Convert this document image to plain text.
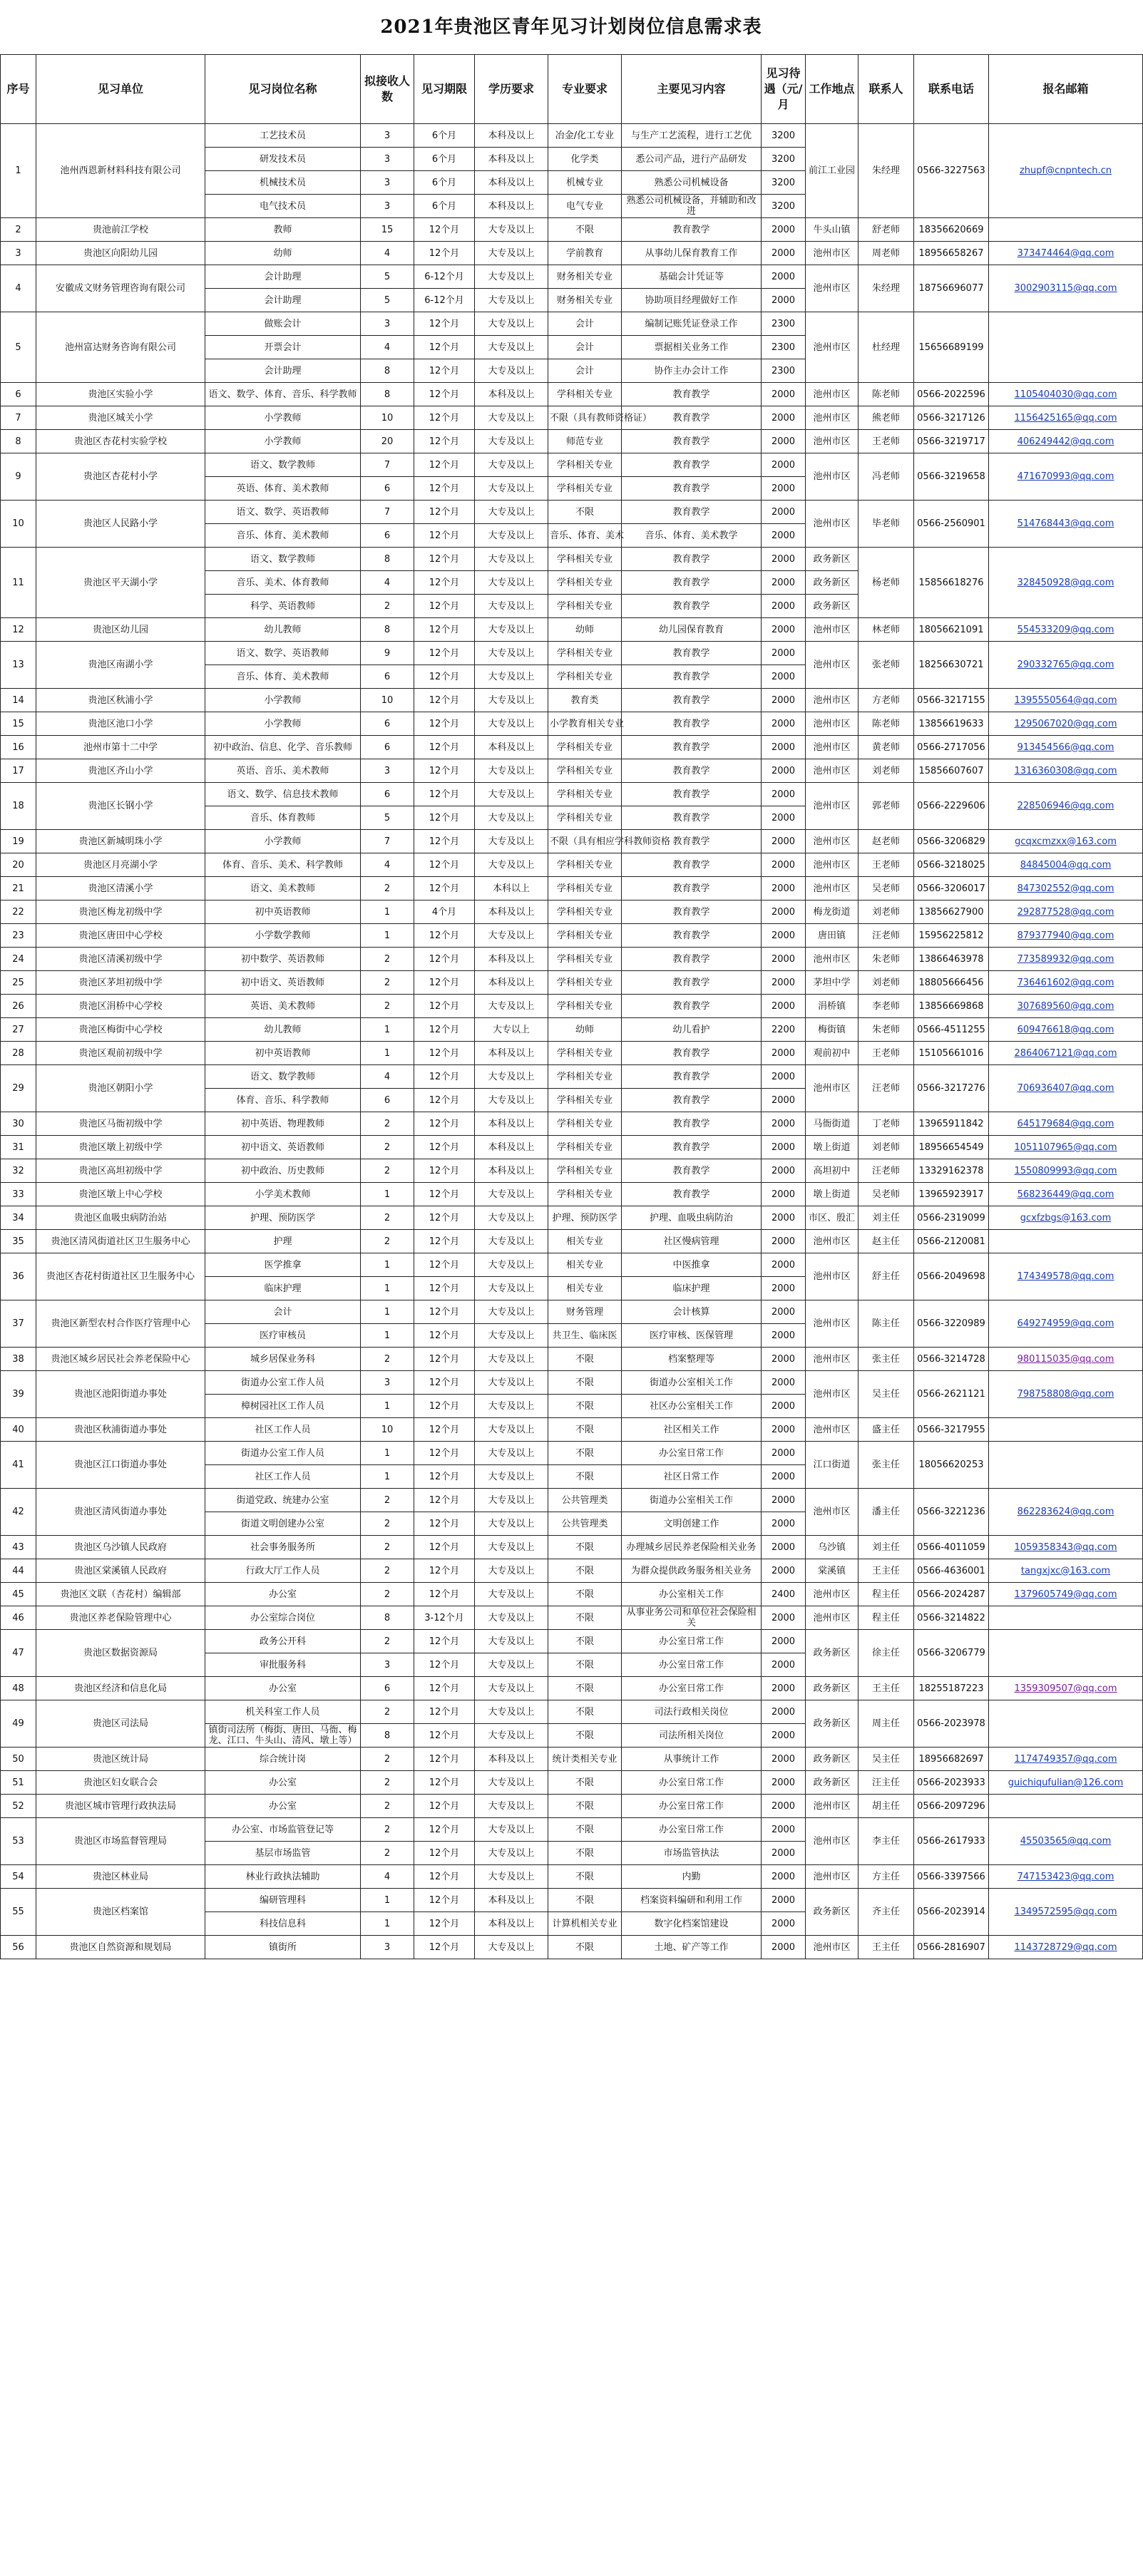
2021年贵池区青年见习计划岗位信息需求表
序号	见习单位	见习岗位名称	拟接收人数	见习期限	学历要求	专业要求	主要见习内容	见习待遇（元/月	工作地点	联系人	联系电话	报名邮箱
1	池州西恩新材料科技有限公司	工艺技术员	3	6个月	本科及以上	冶金/化工专业	与生产工艺流程，进行工艺优	3200	前江工业园	朱经理	0566-3227563	zhupf@cnpntech.cn
		研发技术员	3	6个月	本科及以上	化学类	悉公司产品，进行产品研发	3200				
		机械技术员	3	6个月	本科及以上	机械专业	熟悉公司机械设备	3200				
		电气技术员	3	6个月	本科及以上	电气专业	熟悉公司机械设备，并辅助和改进	3200				
2	贵池前江学校	教师	15	12个月	大专及以上	不限	教育教学	2000	牛头山镇	舒老师	18356620669	
3	贵池区向阳幼儿园	幼师	4	12个月	大专及以上	学前教育	从事幼儿保育教育工作	2000	池州市区	周老师	18956658267	373474464@qq.com
4	安徽成文财务管理咨询有限公司	会计助理	5	6-12个月	大专及以上	财务相关专业	基础会计凭证等	2000	池州市区	朱经理	18756696077	3002903115@qq.com
		会计助理	5	6-12个月	大专及以上	财务相关专业	协助项目经理做好工作	2000				
5	池州富达财务咨询有限公司	做账会计	3	12个月	大专及以上	会计	编制记账凭证登录工作	2300	池州市区	杜经理	15656689199	
		开票会计	4	12个月	大专及以上	会计	票据相关业务工作	2300				
		会计助理	8	12个月	大专及以上	会计	协作主办会计工作	2300				
6	贵池区实验小学	语文、数学、体育、音乐、科学教师	8	12个月	本科及以上	学科相关专业	教育教学	2000	池州市区	陈老师	0566-2022596	1105404030@qq.com
7	贵池区城关小学	小学教师	10	12个月	大专及以上	不限（具有教师资格证）	教育教学	2000	池州市区	熊老师	0566-3217126	1156425165@qq.com
8	贵池区杏花村实验学校	小学教师	20	12个月	大专及以上	师范专业	教育教学	2000	池州市区	王老师	0566-3219717	406249442@qq.com
9	贵池区杏花村小学	语文、数学教师	7	12个月	大专及以上	学科相关专业	教育教学	2000	池州市区	冯老师	0566-3219658	471670993@qq.com
		英语、体育、美术教师	6	12个月	大专及以上	学科相关专业	教育教学	2000				
10	贵池区人民路小学	语文、数学、英语教师	7	12个月	大专及以上	不限	教育教学	2000	池州市区	毕老师	0566-2560901	514768443@qq.com
		音乐、体育、美术教师	6	12个月	大专及以上	音乐、体育、美术	音乐、体育、美术教学	2000				
11	贵池区平天湖小学	语文、数学教师	8	12个月	大专及以上	学科相关专业	教育教学	2000	政务新区	杨老师	15856618276	328450928@qq.com
		音乐、美术、体育教师	4	12个月	大专及以上	学科相关专业	教育教学	2000	政务新区			
		科学、英语教师	2	12个月	大专及以上	学科相关专业	教育教学	2000	政务新区			
12	贵池区幼儿园	幼儿教师	8	12个月	大专及以上	幼师	幼儿园保育教育	2000	池州市区	林老师	18056621091	554533209@qq.com
13	贵池区南湖小学	语文、数学、英语教师	9	12个月	大专及以上	学科相关专业	教育教学	2000	池州市区	张老师	18256630721	290332765@qq.com
		音乐、体育、美术教师	6	12个月	大专及以上	学科相关专业	教育教学	2000				
14	贵池区秋浦小学	小学教师	10	12个月	大专及以上	教育类	教育教学	2000	池州市区	方老师	0566-3217155	1395550564@qq.com
15	贵池区池口小学	小学教师	6	12个月	大专及以上	小学教育相关专业	教育教学	2000	池州市区	陈老师	13856619633	1295067020@qq.com
16	池州市第十二中学	初中政治、信息、化学、音乐教师	6	12个月	本科及以上	学科相关专业	教育教学	2000	池州市区	黄老师	0566-2717056	913454566@qq.com
17	贵池区齐山小学	英语、音乐、美术教师	3	12个月	大专及以上	学科相关专业	教育教学	2000	池州市区	刘老师	15856607607	1316360308@qq.com
18	贵池区长钢小学	语文、数学、信息技术教师	6	12个月	大专及以上	学科相关专业	教育教学	2000	池州市区	郭老师	0566-2229606	228506946@qq.com
		音乐、体育教师	5	12个月	大专及以上	学科相关专业	教育教学	2000				
19	贵池区新城明珠小学	小学教师	7	12个月	大专及以上	不限（具有相应学科教师资格	教育教学	2000	池州市区	赵老师	0566-3206829	gcqxcmzxx@163.com
20	贵池区月亮湖小学	体育、音乐、美术、科学教师	4	12个月	大专及以上	学科相关专业	教育教学	2000	池州市区	王老师	0566-3218025	84845004@qq.com
21	贵池区清溪小学	语文、美术教师	2	12个月	本科以上	学科相关专业	教育教学	2000	池州市区	吴老师	0566-3206017	847302552@qq.com
22	贵池区梅龙初级中学	初中英语教师	1	4个月	本科及以上	学科相关专业	教育教学	2000	梅龙街道	刘老师	13856627900	292877528@qq.com
23	贵池区唐田中心学校	小学数学教师	1	12个月	大专及以上	学科相关专业	教育教学	2000	唐田镇	汪老师	15956225812	879377940@qq.com
24	贵池区清溪初级中学	初中数学、英语教师	2	12个月	本科及以上	学科相关专业	教育教学	2000	池州市区	朱老师	13866463978	773589932@qq.com
25	贵池区茅坦初级中学	初中语文、英语教师	2	12个月	本科及以上	学科相关专业	教育教学	2000	茅坦中学	刘老师	18805666456	736461602@qq.com
26	贵池区涓桥中心学校	英语、美术教师	2	12个月	大专及以上	学科相关专业	教育教学	2000	涓桥镇	李老师	13856669868	307689560@qq.com
27	贵池区梅街中心学校	幼儿教师	1	12个月	大专以上	幼师	幼儿看护	2200	梅街镇	朱老师	0566-4511255	609476618@qq.com
28	贵池区观前初级中学	初中英语教师	1	12个月	本科及以上	学科相关专业	教育教学	2000	观前初中	王老师	15105661016	2864067121@qq.com
29	贵池区朝阳小学	语文、数学教师	4	12个月	大专及以上	学科相关专业	教育教学	2000	池州市区	汪老师	0566-3217276	706936407@qq.com
		体育、音乐、科学教师	6	12个月	大专及以上	学科相关专业	教育教学	2000				
30	贵池区马衙初级中学	初中英语、物理教师	2	12个月	本科及以上	学科相关专业	教育教学	2000	马衙街道	丁老师	13965911842	645179684@qq.com
31	贵池区墩上初级中学	初中语文、英语教师	2	12个月	本科及以上	学科相关专业	教育教学	2000	墩上街道	刘老师	18956654549	1051107965@qq.com
32	贵池区高坦初级中学	初中政治、历史教师	2	12个月	本科及以上	学科相关专业	教育教学	2000	高坦初中	汪老师	13329162378	1550809993@qq.com
33	贵池区墩上中心学校	小学美术教师	1	12个月	大专及以上	学科相关专业	教育教学	2000	墩上街道	吴老师	13965923917	568236449@qq.com
34	贵池区血吸虫病防治站	护理、预防医学	2	12个月	大专及以上	护理、预防医学	护理、血吸虫病防治	2000	市区、殷汇	刘主任	0566-2319099	gcxfzbgs@163.com
35	贵池区清风街道社区卫生服务中心	护理	2	12个月	大专及以上	相关专业	社区慢病管理	2000	池州市区	赵主任	0566-2120081	
36	贵池区杏花村街道社区卫生服务中心	医学推拿	1	12个月	大专及以上	相关专业	中医推拿	2000	池州市区	舒主任	0566-2049698	174349578@qq.com
		临床护理	1	12个月	大专及以上	相关专业	临床护理	2000				
37	贵池区新型农村合作医疗管理中心	会计	1	12个月	大专及以上	财务管理	会计核算	2000	池州市区	陈主任	0566-3220989	649274959@qq.com
		医疗审核员	1	12个月	大专及以上	共卫生、临床医	医疗审核、医保管理	2000				
38	贵池区城乡居民社会养老保险中心	城乡居保业务科	2	12个月	大专及以上	不限	档案整理等	2000	池州市区	张主任	0566-3214728	980115035@qq.com
39	贵池区池阳街道办事处	街道办公室工作人员	3	12个月	大专及以上	不限	街道办公室相关工作	2000	池州市区	吴主任	0566-2621121	798758808@qq.com
		樟树园社区工作人员	1	12个月	大专及以上	不限	社区办公室相关工作	2000				
40	贵池区秋浦街道办事处	社区工作人员	10	12个月	大专及以上	不限	社区相关工作	2000	池州市区	盛主任	0566-3217955	
41	贵池区江口街道办事处	街道办公室工作人员	1	12个月	大专及以上	不限	办公室日常工作	2000	江口街道	张主任	18056620253	
		社区工作人员	1	12个月	大专及以上	不限	社区日常工作	2000				
42	贵池区清风街道办事处	街道党政、统建办公室	2	12个月	大专及以上	公共管理类	街道办公室相关工作	2000	池州市区	潘主任	0566-3221236	862283624@qq.com
		街道文明创建办公室	2	12个月	大专及以上	公共管理类	文明创建工作	2000				
43	贵池区乌沙镇人民政府	社会事务服务所	2	12个月	大专及以上	不限	办理城乡居民养老保险相关业务	2000	乌沙镇	刘主任	0566-4011059	1059358343@qq.com
44	贵池区棠溪镇人民政府	行政大厅工作人员	2	12个月	大专及以上	不限	为群众提供政务服务相关业务	2000	棠溪镇	王主任	0566-4636001	tangxjxc@163.com
45	贵池区文联（杏花村）编辑部	办公室	2	12个月	大专及以上	不限	办公室相关工作	2400	池州市区	程主任	0566-2024287	1379605749@qq.com
46	贵池区养老保险管理中心	办公室综合岗位	8	3-12个月	大专及以上	不限	从事业务公司和单位社会保险相关	2000	池州市区	程主任	0566-3214822	
47	贵池区数据资源局	政务公开科	2	12个月	大专及以上	不限	办公室日常工作	2000	政务新区	徐主任	0566-3206779	
		审批服务科	3	12个月	大专及以上	不限	办公室日常工作	2000				
48	贵池区经济和信息化局	办公室	6	12个月	大专及以上	不限	办公室日常工作	2000	政务新区	王主任	18255187223	1359309507@qq.com
49	贵池区司法局	机关科室工作人员	2	12个月	大专及以上	不限	司法行政相关岗位	2000	政务新区	周主任	0566-2023978	
		镇街司法所（梅街、唐田、马衙、梅龙、江口、牛头山、清风、墩上等）	8	12个月	大专及以上	不限	司法所相关岗位	2000				
50	贵池区统计局	综合统计岗	2	12个月	本科及以上	统计类相关专业	从事统计工作	2000	政务新区	吴主任	18956682697	1174749357@qq.com
51	贵池区妇女联合会	办公室	2	12个月	大专及以上	不限	办公室日常工作	2000	政务新区	汪主任	0566-2023933	guichiqufulian@126.com
52	贵池区城市管理行政执法局	办公室	2	12个月	大专及以上	不限	办公室日常工作	2000	池州市区	胡主任	0566-2097296	
53	贵池区市场监督管理局	办公室、市场监管登记等	2	12个月	大专及以上	不限	办公室日常工作	2000	池州市区	李主任	0566-2617933	45503565@qq.com
		基层市场监管	2	12个月	大专及以上	不限	市场监管执法	2000				
54	贵池区林业局	林业行政执法辅助	4	12个月	大专及以上	不限	内勤	2000	池州市区	方主任	0566-3397566	747153423@qq.com
55	贵池区档案馆	编研管理科	1	12个月	本科及以上	不限	档案资料编研和利用工作	2000	政务新区	齐主任	0566-2023914	1349572595@qq.com
		科技信息科	1	12个月	本科及以上	计算机相关专业	数字化档案馆建设	2000				
56	贵池区自然资源和规划局	镇街所	3	12个月	大专及以上	不限	土地、矿产等工作	2000	池州市区	王主任	0566-2816907	1143728729@qq.com
